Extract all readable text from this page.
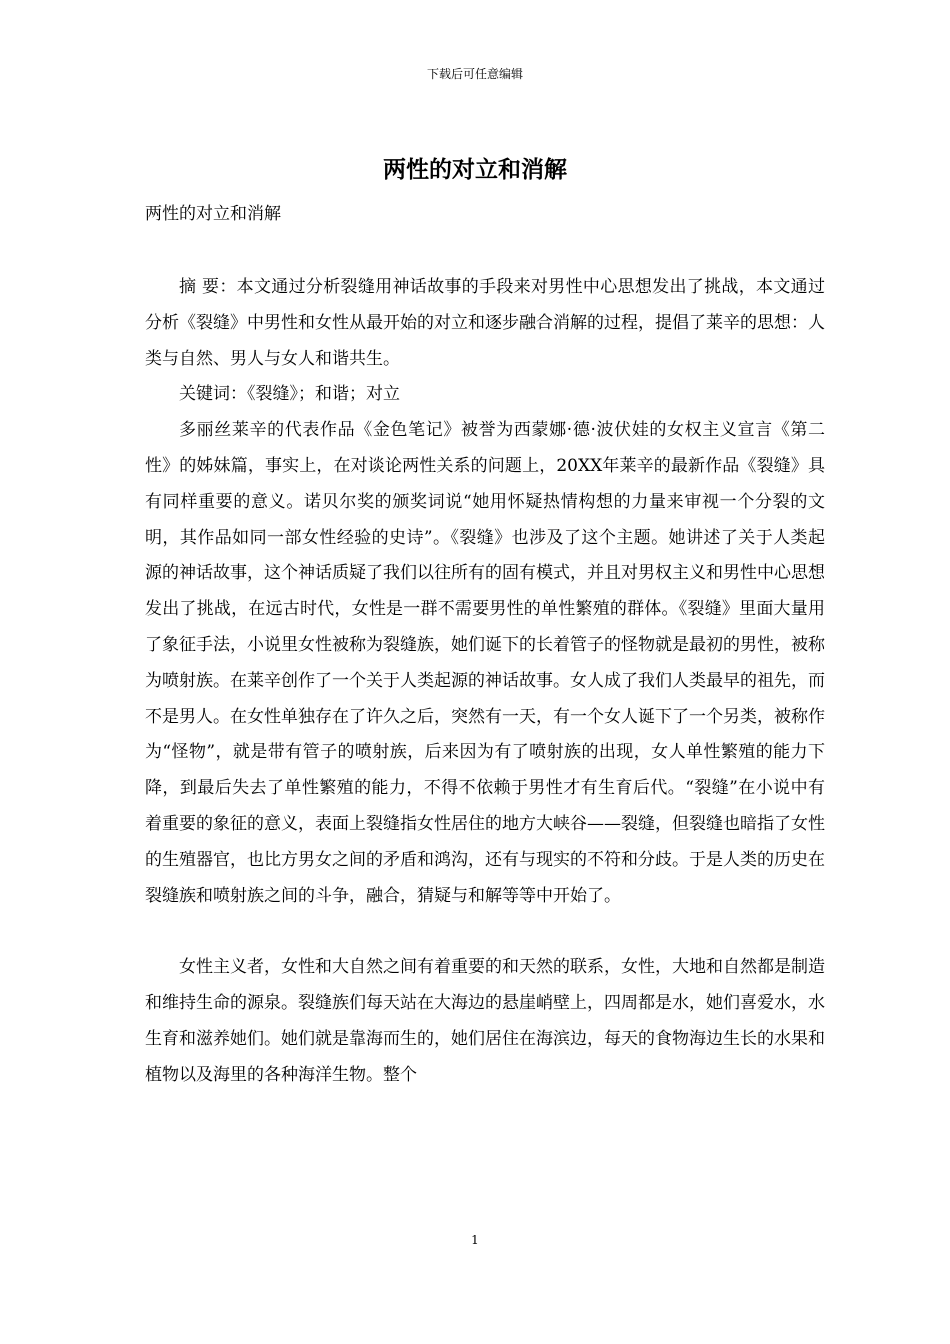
下载后可任意编辑
两性的对立和消解

两性的对立和消解

摘 要：本文通过分析裂缝用神话故事的手段来对男性中心思想发出了挑战，本文通过分析《裂缝》中男性和女性从最开始的对立和逐步融合消解的过程，提倡了莱辛的思想：人类与自然、男人与女人和谐共生。

关键词：《裂缝》；和谐；对立

多丽丝莱辛的代表作品《金色笔记》被誉为西蒙娜·德·波伏娃的女权主义宣言《第二性》的姊妹篇，事实上，在对谈论两性关系的问题上，20XX年莱辛的最新作品《裂缝》具有同样重要的意义。诺贝尔奖的颁奖词说“她用怀疑热情构想的力量来审视一个分裂的文明，其作品如同一部女性经验的史诗”。《裂缝》也涉及了这个主题。她讲述了关于人类起源的神话故事，这个神话质疑了我们以往所有的固有模式，并且对男权主义和男性中心思想发出了挑战，在远古时代，女性是一群不需要男性的单性繁殖的群体。《裂缝》里面大量用了象征手法，小说里女性被称为裂缝族，她们诞下的长着管子的怪物就是最初的男性，被称为喷射族。在莱辛创作了一个关于人类起源的神话故事。女人成了我们人类最早的祖先，而不是男人。在女性单独存在了许久之后，突然有一天，有一个女人诞下了一个另类，被称作为“怪物”，就是带有管子的喷射族，后来因为有了喷射族的出现，女人单性繁殖的能力下降，到最后失去了单性繁殖的能力，不得不依赖于男性才有生育后代。“裂缝”在小说中有着重要的象征的意义，表面上裂缝指女性居住的地方大峡谷——裂缝，但裂缝也暗指了女性的生殖器官，也比方男女之间的矛盾和鸿沟，还有与现实的不符和分歧。于是人类的历史在裂缝族和喷射族之间的斗争，融合，猜疑与和解等等中开始了。

女性主义者，女性和大自然之间有着重要的和天然的联系，女性，大地和自然都是制造和维持生命的源泉。裂缝族们每天站在大海边的悬崖峭壁上，四周都是水，她们喜爱水，水生育和滋养她们。她们就是靠海而生的，她们居住在海滨边，每天的食物海边生长的水果和植物以及海里的各种海洋生物。整个

1
